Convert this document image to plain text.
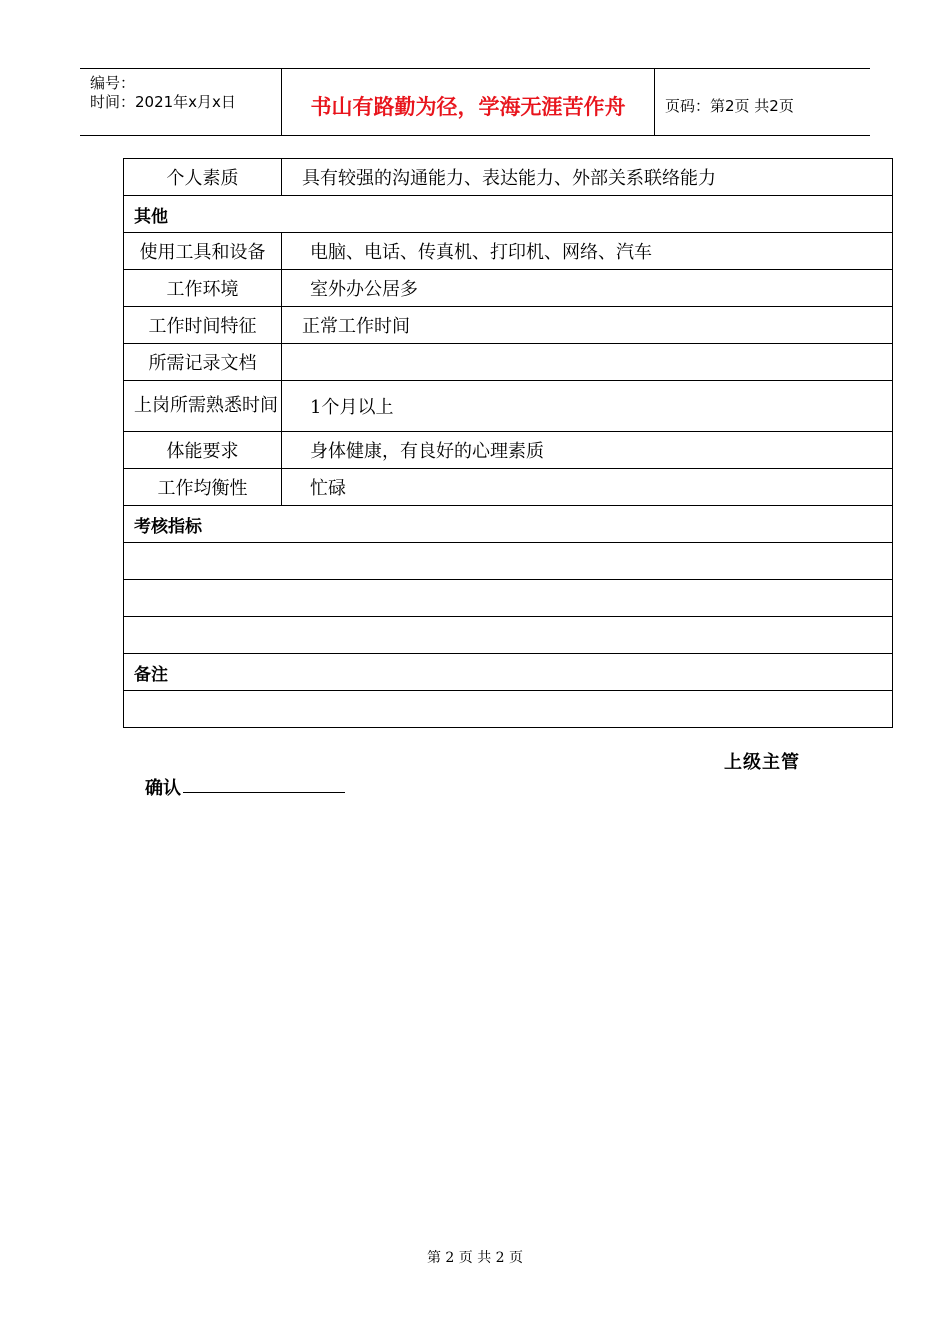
编号：
时间：2021年x月x日	书山有路勤为径，学海无涯苦作舟	页码：第2页 共2页
个人素质	具有较强的沟通能力、表达能力、外部关系联络能力
其他	
使用工具和设备	电脑、电话、传真机、打印机、网络、汽车
工作环境	室外办公居多
工作时间特征	正常工作时间
所需记录文档	
上岗所需熟悉时间	1个月以上
体能要求	身体健康，有良好的心理素质
工作均衡性	忙碌
考核指标	

备注	

上级主管
确认
第 2 页 共 2 页
